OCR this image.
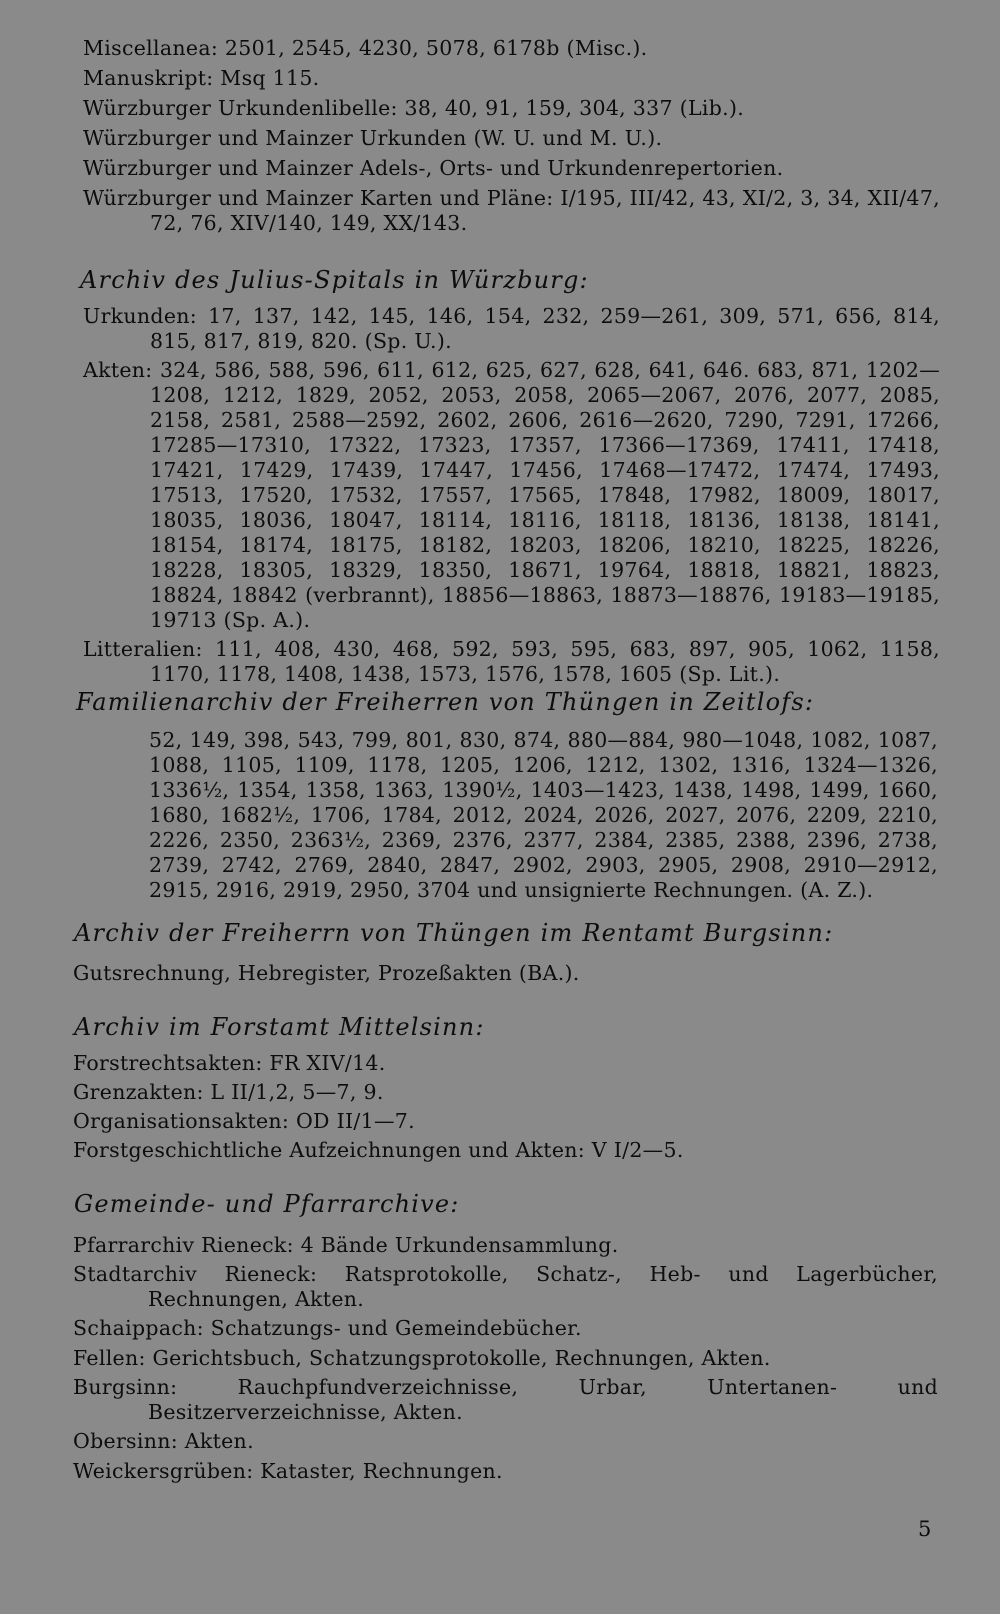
Miscellanea: 2501, 2545, 4230, 5078, 6178b (Misc.).

Manuskript: Msq 115.

Würzburger Urkundenlibelle: 38, 40, 91, 159, 304, 337 (Lib.).

Würzburger und Mainzer Urkunden (W. U. und M. U.).

Würzburger und Mainzer Adels-, Orts- und Urkundenrepertorien.

Würzburger und Mainzer Karten und Pläne: I/195, III/42, 43, XI/2, 3, 34, XII/47, 72, 76, XIV/140, 149, XX/143.

Archiv des Julius-Spitals in Würzburg:

Urkunden: 17, 137, 142, 145, 146, 154, 232, 259—261, 309, 571, 656, 814, 815, 817, 819, 820. (Sp. U.).

Akten: 324, 586, 588, 596, 611, 612, 625, 627, 628, 641, 646. 683, 871, 1202—1208, 1212, 1829, 2052, 2053, 2058, 2065—2067, 2076, 2077, 2085, 2158, 2581, 2588—2592, 2602, 2606, 2616—2620, 7290, 7291, 17266, 17285—17310, 17322, 17323, 17357, 17366—17369, 17411, 17418, 17421, 17429, 17439, 17447, 17456, 17468—17472, 17474, 17493, 17513, 17520, 17532, 17557, 17565, 17848, 17982, 18009, 18017, 18035, 18036, 18047, 18114, 18116, 18118, 18136, 18138, 18141, 18154, 18174, 18175, 18182, 18203, 18206, 18210, 18225, 18226, 18228, 18305, 18329, 18350, 18671, 19764, 18818, 18821, 18823, 18824, 18842 (verbrannt), 18856—18863, 18873—18876, 19183—19185, 19713 (Sp. A.).

Litteralien: 111, 408, 430, 468, 592, 593, 595, 683, 897, 905, 1062, 1158, 1170, 1178, 1408, 1438, 1573, 1576, 1578, 1605 (Sp. Lit.).

Familienarchiv der Freiherren von Thüngen in Zeitlofs:

52, 149, 398, 543, 799, 801, 830, 874, 880—884, 980—1048, 1082, 1087, 1088, 1105, 1109, 1178, 1205, 1206, 1212, 1302, 1316, 1324—1326, 1336½, 1354, 1358, 1363, 1390½, 1403—1423, 1438, 1498, 1499, 1660, 1680, 1682½, 1706, 1784, 2012, 2024, 2026, 2027, 2076, 2209, 2210, 2226, 2350, 2363½, 2369, 2376, 2377, 2384, 2385, 2388, 2396, 2738, 2739, 2742, 2769, 2840, 2847, 2902, 2903, 2905, 2908, 2910—2912, 2915, 2916, 2919, 2950, 3704 und unsignierte Rechnungen. (A. Z.).

Archiv der Freiherrn von Thüngen im Rentamt Burgsinn:
Gutsrechnung, Hebregister, Prozeßakten (BA.).
Archiv im Forstamt Mittelsinn:
Forstrechtsakten: FR XIV/14.
Grenzakten: L II/1,2, 5—7, 9.
Organisationsakten: OD II/1—7.
Forstgeschichtliche Aufzeichnungen und Akten: V I/2—5.
Gemeinde- und Pfarrarchive:
Pfarrarchiv Rieneck: 4 Bände Urkundensammlung.
Stadtarchiv Rieneck: Ratsprotokolle, Schatz-, Heb- und Lagerbücher, Rechnungen, Akten.
Schaippach: Schatzungs- und Gemeindebücher.
Fellen: Gerichtsbuch, Schatzungsprotokolle, Rechnungen, Akten.
Burgsinn: Rauchpfundverzeichnisse, Urbar, Untertanen- und Besitzerverzeichnisse, Akten.
Obersinn: Akten.
Weickersgrüben: Kataster, Rechnungen.
5
